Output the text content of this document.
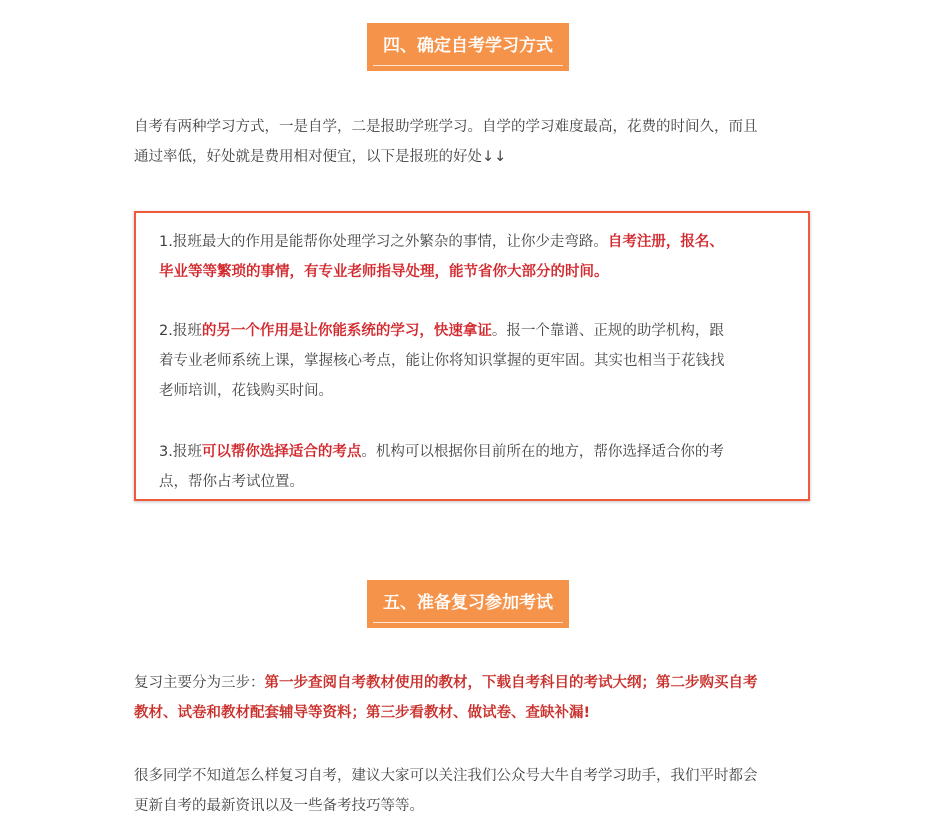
四、确定自考学习方式

自考有两种学习方式，一是自学，二是报助学班学习。自学的学习难度最高，花费的时间久，而且
通过率低，好处就是费用相对便宜，以下是报班的好处↓↓

1.报班最大的作用是能帮你处理学习之外繁杂的事情，让你少走弯路。自考注册，报名、
毕业等等繁琐的事情，有专业老师指导处理，能节省你大部分的时间。

2.报班的另一个作用是让你能系统的学习，快速拿证。报一个靠谱、正规的助学机构，跟
着专业老师系统上课，掌握核心考点，能让你将知识掌握的更牢固。其实也相当于花钱找
老师培训，花钱购买时间。

3.报班可以帮你选择适合的考点。机构可以根据你目前所在的地方，帮你选择适合你的考
点，帮你占考试位置。

五、准备复习参加考试

复习主要分为三步：第一步查阅自考教材使用的教材，下载自考科目的考试大纲；第二步购买自考
教材、试卷和教材配套辅导等资料；第三步看教材、做试卷、查缺补漏!

很多同学不知道怎么样复习自考，建议大家可以关注我们公众号大牛自考学习助手，我们平时都会
更新自考的最新资讯以及一些备考技巧等等。
